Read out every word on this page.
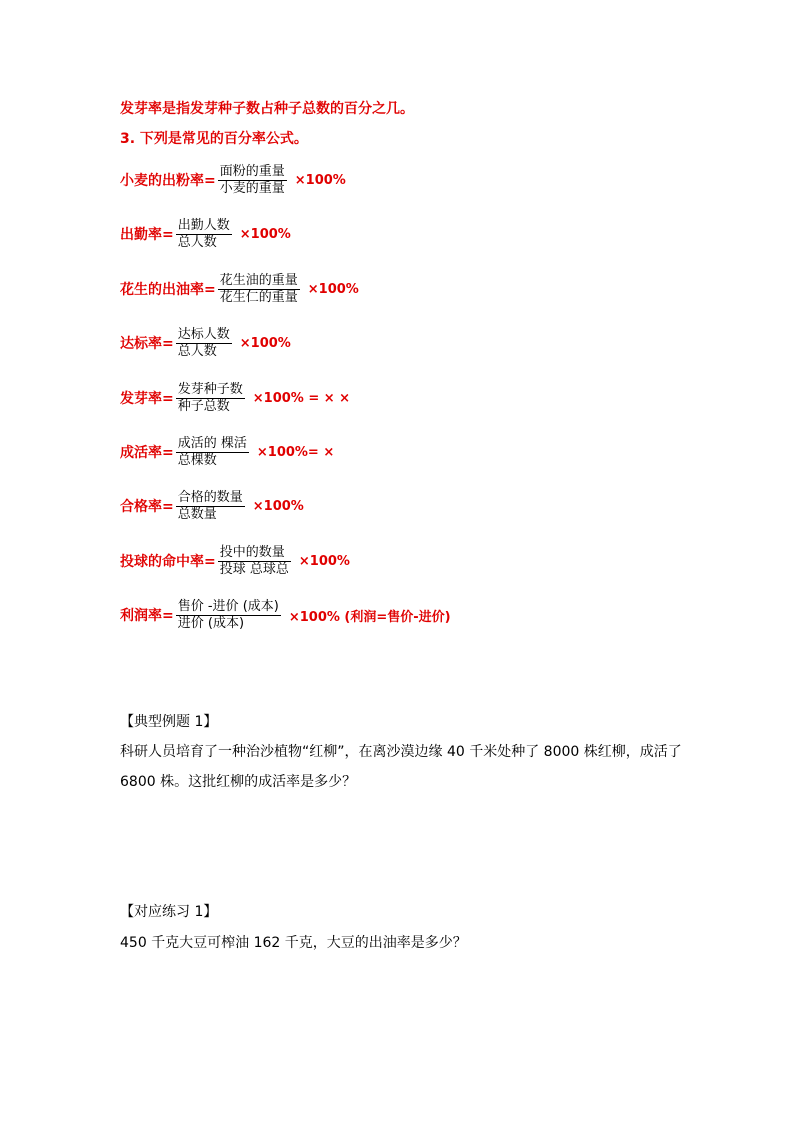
发芽率是指发芽种子数占种子总数的百分之几。
3. 下列是常见的百分率公式。
小麦的出粉率= $\frac{\text{面粉的重量}}{\text{小麦的重量}} \times 100\%$
出勤率= $\frac{\text{出勤人数}}{\text{总人数}} \times 100\%$
花生的出油率= $\frac{\text{花生油的重量}}{\text{花生仁的重量}} \times 100\%$
达标率= $\frac{\text{达标人数}}{\text{总人数}} \times 100\%$
发芽率= $\frac{\text{发芽种子数}}{\text{种子总数}} \times 100\%$ = × ×
成活率= $\frac{\text{成活的 棵活}}{\text{总棵数}} \times 100\%=$ ×
合格率= $\frac{\text{合格的数量}}{\text{总数量}} \times 100\%$
投球的命中率= $\frac{\text{投中的数量}}{\text{投球 总球总}} \times 100\%$
利润率= $\frac{\text{售价 -进价 (成本)}}{\text{进价 (成本)}} \times 100\%$ (利润=售价-进价)
【典型例题 1】
科研人员培育了一种治沙植物“红柳”，在离沙漠边缘 40 千米处种了 8000 株红柳，成活了 6800 株。这批红柳的成活率是多少？
【对应练习 1】
450 千克大豆可榨油 162 千克，大豆的出油率是多少？
